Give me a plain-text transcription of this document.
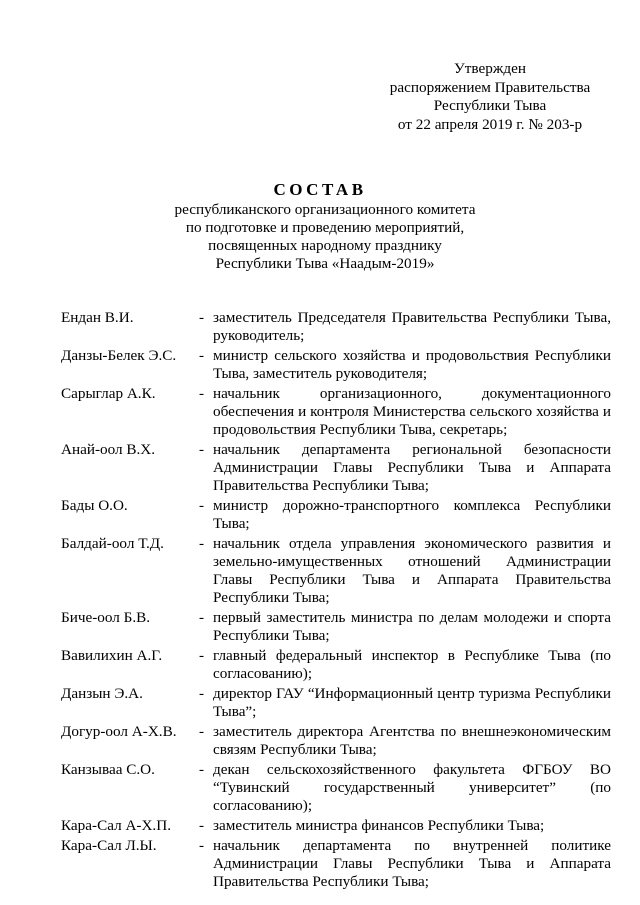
Утвержден
распоряжением Правительства
Республики Тыва
от 22 апреля 2019 г. № 203-р
СОСТАВ
республиканского организационного комитета
по подготовке и проведению мероприятий,
посвященных народному празднику
Республики Тыва «Наадым-2019»
Ендан В.И.	- заместитель Председателя Правительства Республики Тыва, руководитель;
Данзы-Белек Э.С.	- министр сельского хозяйства и продовольствия Республики Тыва, заместитель руководителя;
Сарыглар А.К.	- начальник организационного, документационного обеспечения и контроля Министерства сельского хозяйства и продовольствия Республики Тыва, секретарь;
Анай-оол В.Х.	- начальник департамента региональной безопасности Администрации Главы Республики Тыва и Аппарата Правительства Республики Тыва;
Бады О.О.	- министр дорожно-транспортного комплекса Республики Тыва;
Балдай-оол Т.Д.	- начальник отдела управления экономического развития и земельно-имущественных отношений Администрации Главы Республики Тыва и Аппарата Правительства Республики Тыва;
Биче-оол Б.В.	- первый заместитель министра по делам молодежи и спорта Республики Тыва;
Вавилихин А.Г.	- главный федеральный инспектор в Республике Тыва (по согласованию);
Данзын Э.А.	- директор ГАУ “Информационный центр туризма Республики Тыва”;
Догур-оол А-Х.В.	- заместитель директора Агентства по внешнеэкономическим связям Республики Тыва;
Канзываа С.О.	- декан сельскохозяйственного факультета ФГБОУ ВО “Тувинский государственный университет” (по согласованию);
Кара-Сал А-Х.П.	- заместитель министра финансов Республики Тыва;
Кара-Сал Л.Ы.	- начальник департамента по внутренней политике Администрации Главы Республики Тыва и Аппарата Правительства Республики Тыва;
